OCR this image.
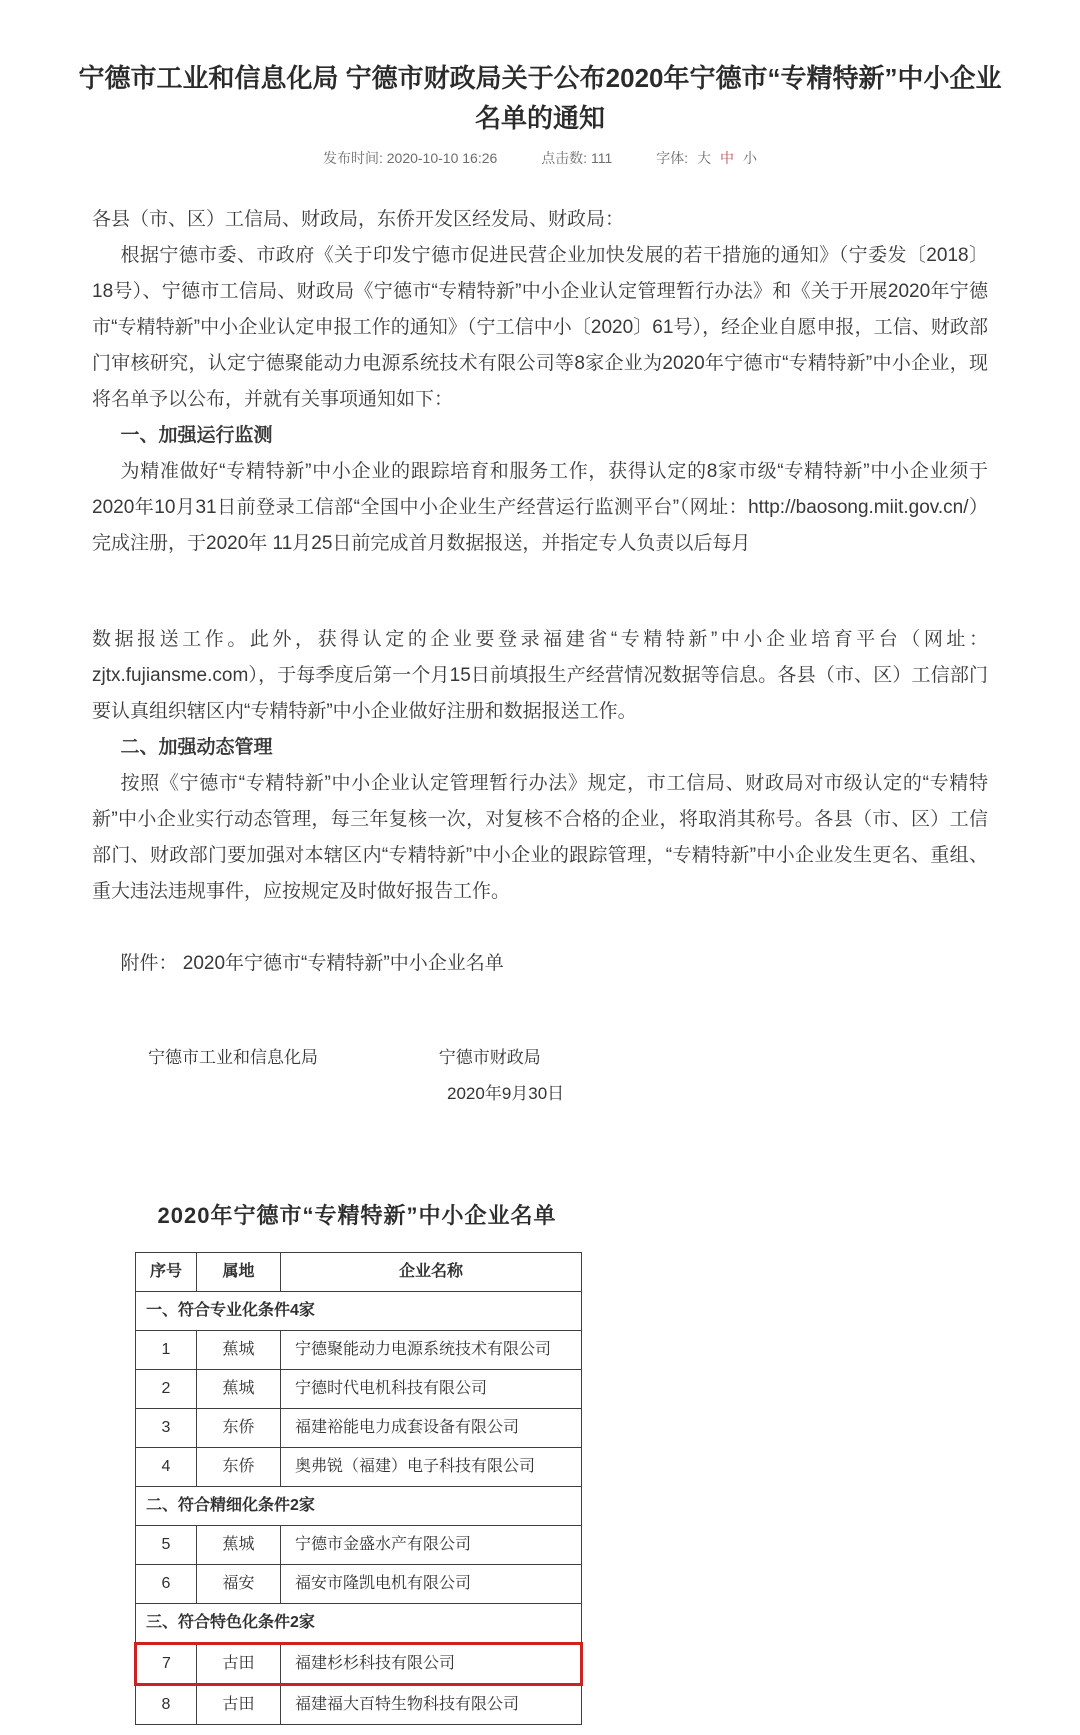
宁德市工业和信息化局 宁德市财政局关于公布2020年宁德市“专精特新”中小企业名单的通知
发布时间: 2020-10-10 16:26	点击数: 111	字体: 大 中 小

各县（市、区）工信局、财政局，东侨开发区经发局、财政局：

根据宁德市委、市政府《关于印发宁德市促进民营企业加快发展的若干措施的通知》（宁委发〔2018〕18号）、宁德市工信局、财政局《宁德市“专精特新”中小企业认定管理暂行办法》和《关于开展2020年宁德市“专精特新”中小企业认定申报工作的通知》（宁工信中小〔2020〕61号），经企业自愿申报，工信、财政部门审核研究，认定宁德聚能动力电源系统技术有限公司等8家企业为2020年宁德市“专精特新”中小企业，现将名单予以公布，并就有关事项通知如下：

一、加强运行监测

为精准做好“专精特新”中小企业的跟踪培育和服务工作，获得认定的8家市级“专精特新”中小企业须于2020年10月31日前登录工信部“全国中小企业生产经营运行监测平台”（网址：http://baosong.miit.gov.cn/）完成注册，于2020年 11月25日前完成首月数据报送，并指定专人负责以后每月

数据报送工作。此外，获得认定的企业要登录福建省“专精特新”中小企业培育平台（网址：zjtx.fujiansme.com），于每季度后第一个月15日前填报生产经营情况数据等信息。各县（市、区）工信部门要认真组织辖区内“专精特新”中小企业做好注册和数据报送工作。

二、加强动态管理

按照《宁德市“专精特新”中小企业认定管理暂行办法》规定，市工信局、财政局对市级认定的“专精特新”中小企业实行动态管理，每三年复核一次，对复核不合格的企业，将取消其称号。各县（市、区）工信部门、财政部门要加强对本辖区内“专精特新”中小企业的跟踪管理，“专精特新”中小企业发生更名、重组、重大违法违规事件，应按规定及时做好报告工作。

附件： 2020年宁德市“专精特新”中小企业名单

宁德市工业和信息化局	宁德市财政局
2020年9月30日
2020年宁德市“专精特新”中小企业名单
序号	属地	企业名称
一、符合专业化条件4家		
1	蕉城	宁德聚能动力电源系统技术有限公司
2	蕉城	宁德时代电机科技有限公司
3	东侨	福建裕能电力成套设备有限公司
4	东侨	奥弗锐（福建）电子科技有限公司
二、符合精细化条件2家		
5	蕉城	宁德市金盛水产有限公司
6	福安	福安市隆凯电机有限公司
三、符合特色化条件2家		
7	古田	福建杉杉科技有限公司
8	古田	福建福大百特生物科技有限公司
